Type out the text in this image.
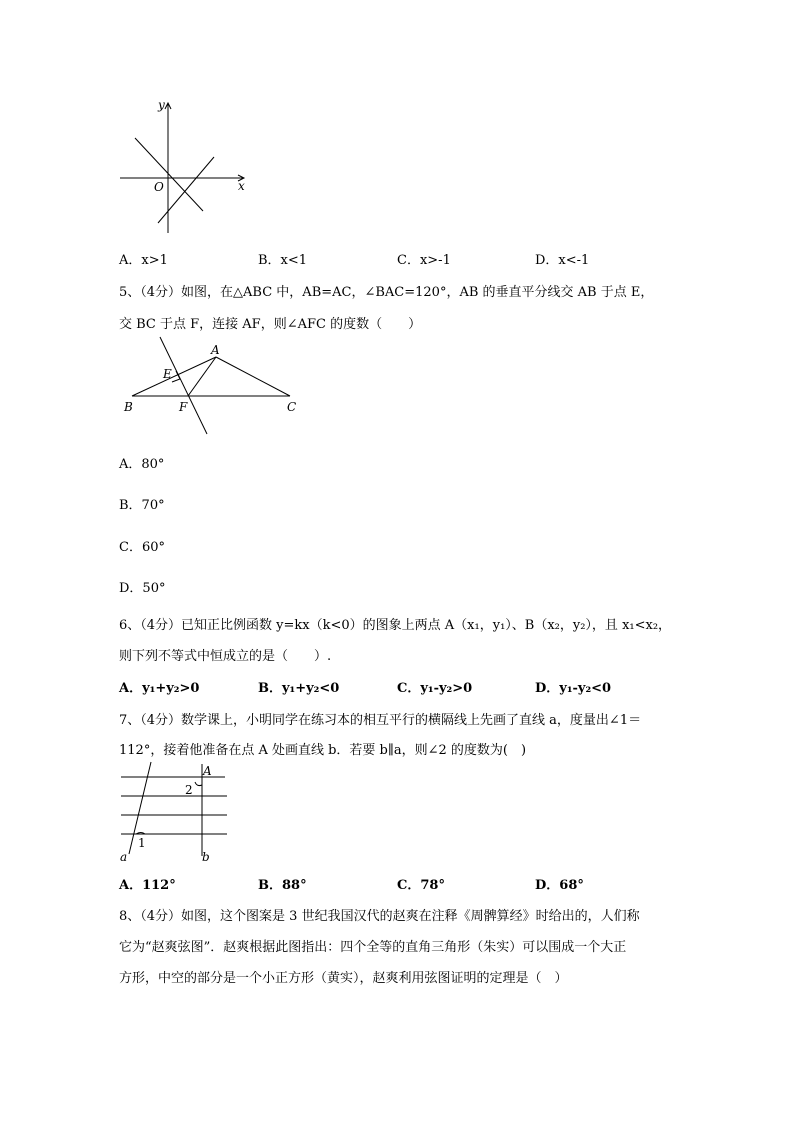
y
x
O
A．x>1	B．x<1	C．x>‐1	D．x<‐1
5、（4分）如图，在△ABC 中，AB=AC，∠BAC=120°，AB 的垂直平分线交 AB 于点 E，
交 BC 于点 F，连接 AF，则∠AFC 的度数（　　）
A
E
B	F	C
A．80°
B．70°
C．60°
D．50°
6、（4分）已知正比例函数 y=kx（k<0）的图象上两点 A（x₁，y₁）、B（x₂，y₂），且 x₁<x₂，
则下列不等式中恒成立的是（　　）.
A．y₁+y₂>0	B．y₁+y₂<0	C．y₁-y₂>0	D．y₁-y₂<0
7、（4分）数学课上，小明同学在练习本的相互平行的横隔线上先画了直线 a，度量出∠1＝
112°，接着他准备在点 A 处画直线 b．若要 b∥a，则∠2 的度数为(　)
A
2
1
a	b
A．112°	B．88°	C．78°	D．68°
8、（4分）如图，这个图案是 3 世纪我国汉代的赵爽在注释《周髀算经》时给出的，人们称
它为“赵爽弦图”．赵爽根据此图指出：四个全等的直角三角形（朱实）可以围成一个大正
方形，中空的部分是一个小正方形（黄实），赵爽利用弦图证明的定理是（　）
